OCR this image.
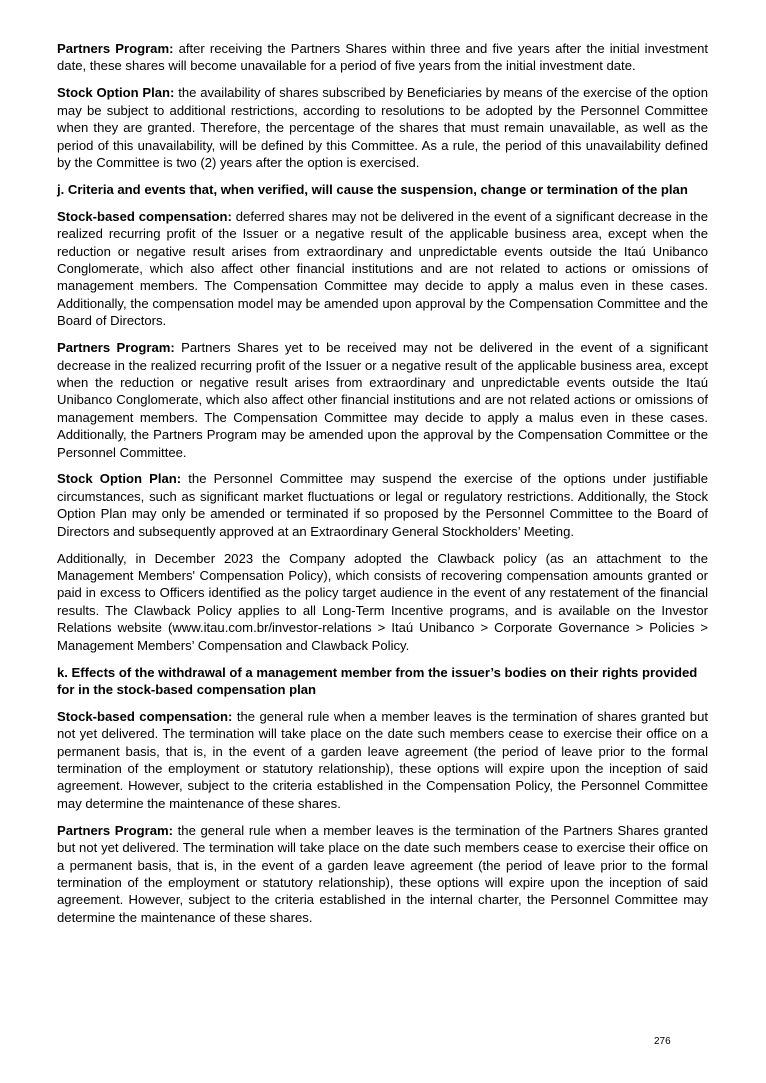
Partners Program: after receiving the Partners Shares within three and five years after the initial investment date, these shares will become unavailable for a period of five years from the initial investment date.

Stock Option Plan: the availability of shares subscribed by Beneficiaries by means of the exercise of the option may be subject to additional restrictions, according to resolutions to be adopted by the Personnel Committee when they are granted. Therefore, the percentage of the shares that must remain unavailable, as well as the period of this unavailability, will be defined by this Committee. As a rule, the period of this unavailability defined by the Committee is two (2) years after the option is exercised.

j. Criteria and events that, when verified, will cause the suspension, change or termination of the plan

Stock-based compensation: deferred shares may not be delivered in the event of a significant decrease in the realized recurring profit of the Issuer or a negative result of the applicable business area, except when the reduction or negative result arises from extraordinary and unpredictable events outside the Itaú Unibanco Conglomerate, which also affect other financial institutions and are not related to actions or omissions of management members. The Compensation Committee may decide to apply a malus even in these cases. Additionally, the compensation model may be amended upon approval by the Compensation Committee and the Board of Directors.

Partners Program: Partners Shares yet to be received may not be delivered in the event of a significant decrease in the realized recurring profit of the Issuer or a negative result of the applicable business area, except when the reduction or negative result arises from extraordinary and unpredictable events outside the Itaú Unibanco Conglomerate, which also affect other financial institutions and are not related actions or omissions of management members. The Compensation Committee may decide to apply a malus even in these cases. Additionally, the Partners Program may be amended upon the approval by the Compensation Committee or the Personnel Committee.

Stock Option Plan: the Personnel Committee may suspend the exercise of the options under justifiable circumstances, such as significant market fluctuations or legal or regulatory restrictions. Additionally, the Stock Option Plan may only be amended or terminated if so proposed by the Personnel Committee to the Board of Directors and subsequently approved at an Extraordinary General Stockholders’ Meeting.

Additionally, in December 2023 the Company adopted the Clawback policy (as an attachment to the Management Members' Compensation Policy), which consists of recovering compensation amounts granted or paid in excess to Officers identified as the policy target audience in the event of any restatement of the financial results. The Clawback Policy applies to all Long-Term Incentive programs, and is available on the Investor Relations website (www.itau.com.br/investor-relations > Itaú Unibanco > Corporate Governance > Policies > Management Members’ Compensation and Clawback Policy.

k. Effects of the withdrawal of a management member from the issuer’s bodies on their rights provided for in the stock-based compensation plan

Stock-based compensation: the general rule when a member leaves is the termination of shares granted but not yet delivered. The termination will take place on the date such members cease to exercise their office on a permanent basis, that is, in the event of a garden leave agreement (the period of leave prior to the formal termination of the employment or statutory relationship), these options will expire upon the inception of said agreement. However, subject to the criteria established in the Compensation Policy, the Personnel Committee may determine the maintenance of these shares.

Partners Program: the general rule when a member leaves is the termination of the Partners Shares granted but not yet delivered. The termination will take place on the date such members cease to exercise their office on a permanent basis, that is, in the event of a garden leave agreement (the period of leave prior to the formal termination of the employment or statutory relationship), these options will expire upon the inception of said agreement. However, subject to the criteria established in the internal charter, the Personnel Committee may determine the maintenance of these shares.

276
